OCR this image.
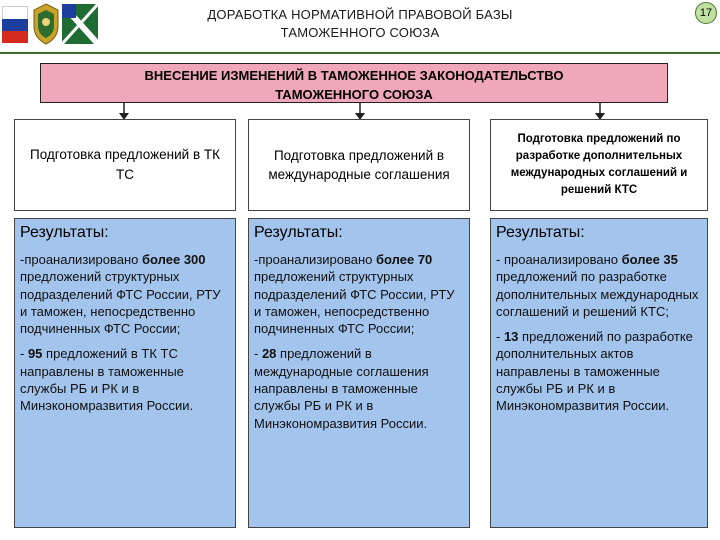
ДОРАБОТКА НОРМАТИВНОЙ ПРАВОВОЙ БАЗЫ
ТАМОЖЕННОГО СОЮЗА
17
ВНЕСЕНИЕ ИЗМЕНЕНИЙ В ТАМОЖЕННОЕ ЗАКОНОДАТЕЛЬСТВО
ТАМОЖЕННОГО СОЮЗА
Подготовка предложений в ТК ТС
Подготовка предложений в международные соглашения
Подготовка предложений по разработке дополнительных международных соглашений и решений КТС
Результаты:
-проанализировано более 300 предложений структурных подразделений ФТС России, РТУ и таможен, непосредственно подчиненных ФТС России;
- 95 предложений в ТК ТС направлены в таможенные службы РБ и РК и в Минэкономразвития России.
Результаты:
-проанализировано более 70 предложений структурных подразделений ФТС России, РТУ и таможен, непосредственно подчиненных ФТС России;
- 28 предложений в международные соглашения направлены в таможенные службы РБ и РК и в Минэкономразвития России.
Результаты:
- проанализировано более 35 предложений по разработке дополнительных международных соглашений и решений КТС;
- 13 предложений по разработке дополнительных актов направлены в таможенные службы РБ и РК и в Минэкономразвития России.
